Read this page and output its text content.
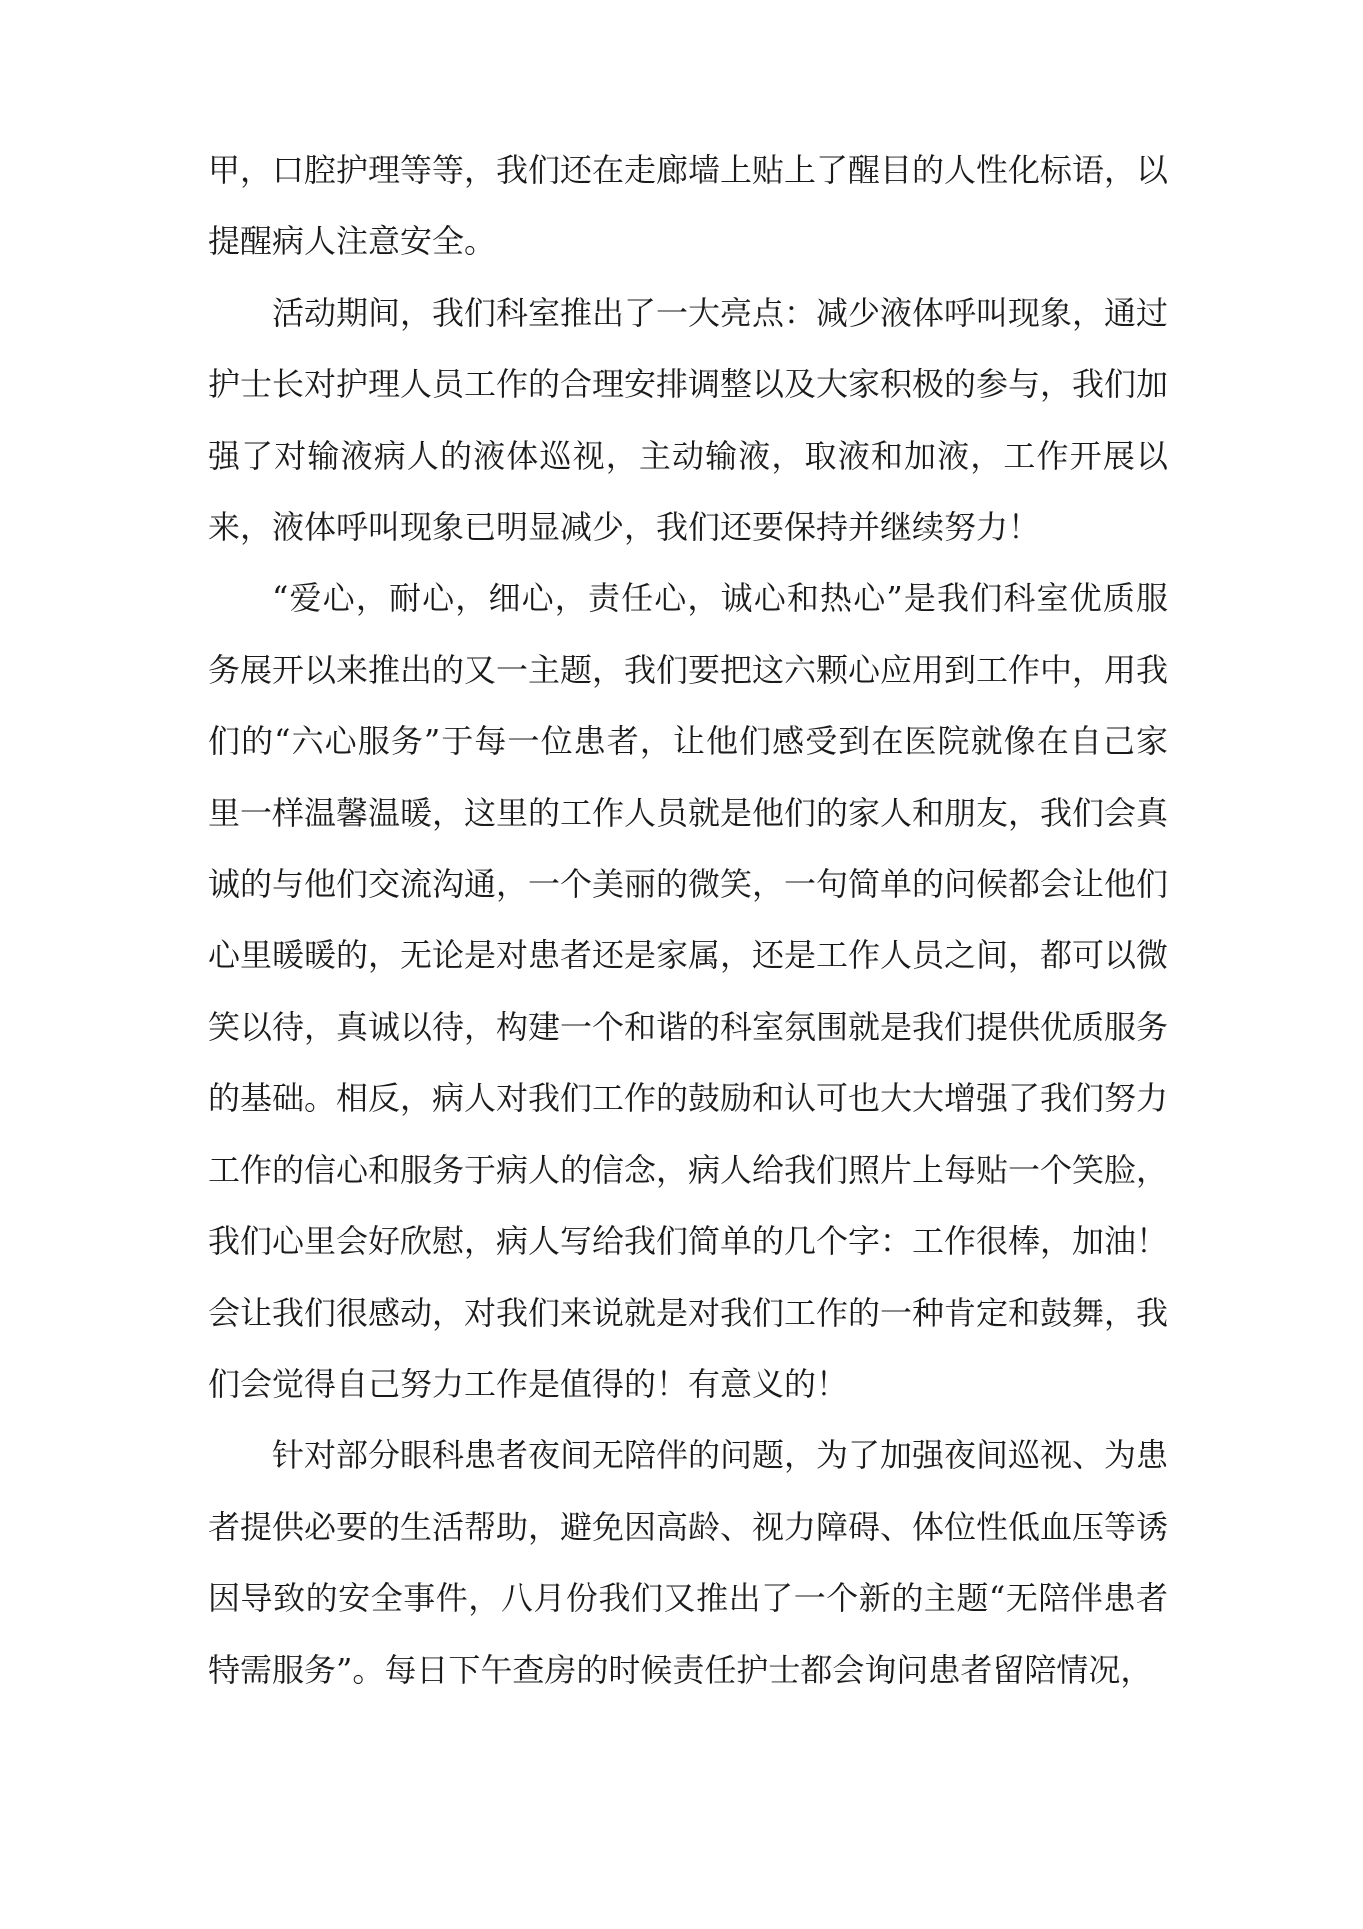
甲，口腔护理等等，我们还在走廊墙上贴上了醒目的人性化标语，以提醒病人注意安全。

活动期间，我们科室推出了一大亮点：减少液体呼叫现象，通过护士长对护理人员工作的合理安排调整以及大家积极的参与，我们加强了对输液病人的液体巡视，主动输液，取液和加液，工作开展以来，液体呼叫现象已明显减少，我们还要保持并继续努力！

“爱心，耐心，细心，责任心，诚心和热心”是我们科室优质服务展开以来推出的又一主题，我们要把这六颗心应用到工作中，用我们的“六心服务”于每一位患者，让他们感受到在医院就像在自己家里一样温馨温暖，这里的工作人员就是他们的家人和朋友，我们会真诚的与他们交流沟通，一个美丽的微笑，一句简单的问候都会让他们心里暖暖的，无论是对患者还是家属，还是工作人员之间，都可以微笑以待，真诚以待，构建一个和谐的科室氛围就是我们提供优质服务的基础。相反，病人对我们工作的鼓励和认可也大大增强了我们努力工作的信心和服务于病人的信念，病人给我们照片上每贴一个笑脸，我们心里会好欣慰，病人写给我们简单的几个字：工作很棒，加油！会让我们很感动，对我们来说就是对我们工作的一种肯定和鼓舞，我们会觉得自己努力工作是值得的！有意义的！

针对部分眼科患者夜间无陪伴的问题，为了加强夜间巡视、为患者提供必要的生活帮助，避免因高龄、视力障碍、体位性低血压等诱因导致的安全事件，八月份我们又推出了一个新的主题“无陪伴患者特需服务”。每日下午查房的时候责任护士都会询问患者留陪情况，
